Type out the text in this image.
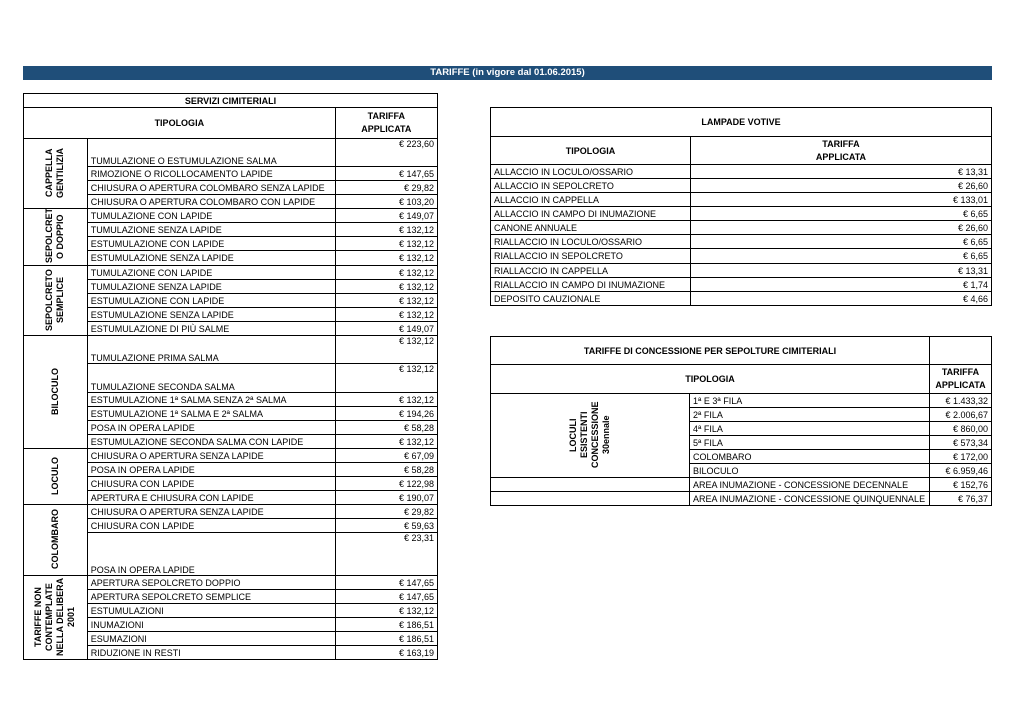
TARIFFE (in vigore dal 01.06.2015)
SERVIZI CIMITERIALI		
TIPOLOGIA		TARIFFA
APPLICATA
CAPPELLA GENTILIZIA	TUMULAZIONE O ESTUMULAZIONE SALMA	€ 223,60
	RIMOZIONE O RICOLLOCAMENTO LAPIDE	€ 147,65
	CHIUSURA O APERTURA COLOMBARO SENZA LAPIDE	€ 29,82
	CHIUSURA O APERTURA COLOMBARO CON LAPIDE	€ 103,20
SEPOLCRET O DOPPIO	TUMULAZIONE CON LAPIDE	€ 149,07
	TUMULAZIONE SENZA LAPIDE	€ 132,12
	ESTUMULAZIONE CON LAPIDE	€ 132,12
	ESTUMULAZIONE SENZA LAPIDE	€ 132,12
SEPOLCRETO SEMPLICE	TUMULAZIONE CON LAPIDE	€ 132,12
	TUMULAZIONE SENZA LAPIDE	€ 132,12
	ESTUMULAZIONE CON LAPIDE	€ 132,12
	ESTUMULAZIONE SENZA LAPIDE	€ 132,12
	ESTUMULAZIONE DI PIÙ SALME	€ 149,07
BILOCULO	TUMULAZIONE PRIMA SALMA	€ 132,12
	TUMULAZIONE SECONDA SALMA	€ 132,12
	ESTUMULAZIONE 1ª SALMA SENZA 2ª SALMA	€ 132,12
	ESTUMULAZIONE 1ª SALMA E 2ª SALMA	€ 194,26
	POSA IN OPERA LAPIDE	€ 58,28
	ESTUMULAZIONE SECONDA SALMA CON LAPIDE	€ 132,12
LOCULO	CHIUSURA O APERTURA SENZA LAPIDE	€ 67,09
	POSA IN OPERA LAPIDE	€ 58,28
	CHIUSURA CON LAPIDE	€ 122,98
	APERTURA E CHIUSURA CON LAPIDE	€ 190,07
COLOMBARO	CHIUSURA O APERTURA SENZA LAPIDE	€ 29,82
	CHIUSURA CON LAPIDE	€ 59,63
	POSA IN OPERA LAPIDE	€ 23,31
TARIFFE NON CONTEMPLATE NELLA DELIBERA 2001	APERTURA SEPOLCRETO DOPPIO	€ 147,65
	APERTURA SEPOLCRETO SEMPLICE	€ 147,65
	ESTUMULAZIONI	€ 132,12
	INUMAZIONI	€ 186,51
	ESUMAZIONI	€ 186,51
	RIDUZIONE IN RESTI	€ 163,19
LAMPADE VOTIVE	
TIPOLOGIA	TARIFFA
APPLICATA
ALLACCIO IN LOCULO/OSSARIO	€ 13,31
ALLACCIO IN SEPOLCRETO	€ 26,60
ALLACCIO IN CAPPELLA	€ 133,01
ALLACCIO IN CAMPO DI INUMAZIONE	€ 6,65
CANONE ANNUALE	€ 26,60
RIALLACCIO IN LOCULO/OSSARIO	€ 6,65
RIALLACCIO IN SEPOLCRETO	€ 6,65
RIALLACCIO IN CAPPELLA	€ 13,31
RIALLACCIO IN CAMPO DI INUMAZIONE	€ 1,74
DEPOSITO CAUZIONALE	€ 4,66
TARIFFE DI CONCESSIONE PER SEPOLTURE CIMITERIALI		
TIPOLOGIA		TARIFFA
APPLICATA
LOCULI ESISTENTI CONCESSIONE 30ennale	1ª E 3ª FILA	€ 1.433,32
	2ª FILA	€ 2.006,67
	4ª FILA	€ 860,00
	5ª FILA	€ 573,34
	COLOMBARO	€ 172,00
	BILOCULO	€ 6.959,46
	AREA INUMAZIONE - CONCESSIONE DECENNALE	€ 152,76
	AREA INUMAZIONE - CONCESSIONE QUINQUENNALE	€ 76,37
